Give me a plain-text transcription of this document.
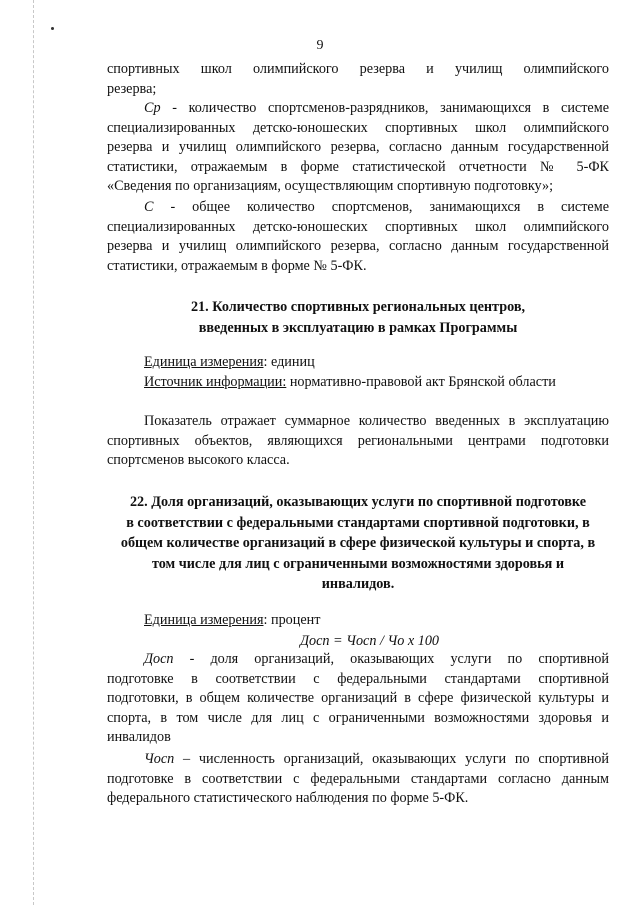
9
спортивных школ олимпийского резерва и училищ олимпийского
резерва;
Ср - количество спортсменов-разрядников, занимающихся в системе
специализированных детско-юношеских спортивных школ олимпийского
резерва и училищ олимпийского резерва, согласно данным государственной
статистики, отражаемым в форме статистической отчетности № 5-ФК
«Сведения по организациям, осуществляющим спортивную подготовку»;
С - общее количество спортсменов, занимающихся в системе
специализированных детско-юношеских спортивных школ олимпийского
резерва и училищ олимпийского резерва, согласно данным государственной
статистики, отражаемым в форме № 5-ФК.
21. Количество спортивных региональных центров,
введенных в эксплуатацию в рамках Программы
Единица измерения: единиц
Источник информации: нормативно-правовой акт Брянской области
Показатель отражает суммарное количество введенных в эксплуатацию
спортивных объектов, являющихся региональными центрами подготовки
спортсменов высокого класса.
22. Доля организаций, оказывающих услуги по спортивной подготовке
в соответствии с федеральными стандартами спортивной подготовки, в
общем количестве организаций в сфере физической культуры и спорта, в
том числе для лиц с ограниченными возможностями здоровья и
инвалидов.
Единица измерения: процент
Досп = Чосп / Чо х 100
Досп - доля организаций, оказывающих услуги по спортивной
подготовке в соответствии с федеральными стандартами спортивной
подготовки, в общем количестве организаций в сфере физической культуры и
спорта, в том числе для лиц с ограниченными возможностями здоровья и
инвалидов
Чосп – численность организаций, оказывающих услуги по спортивной
подготовке в соответствии с федеральными стандартами согласно данным
федерального статистического наблюдения по форме 5-ФК.
